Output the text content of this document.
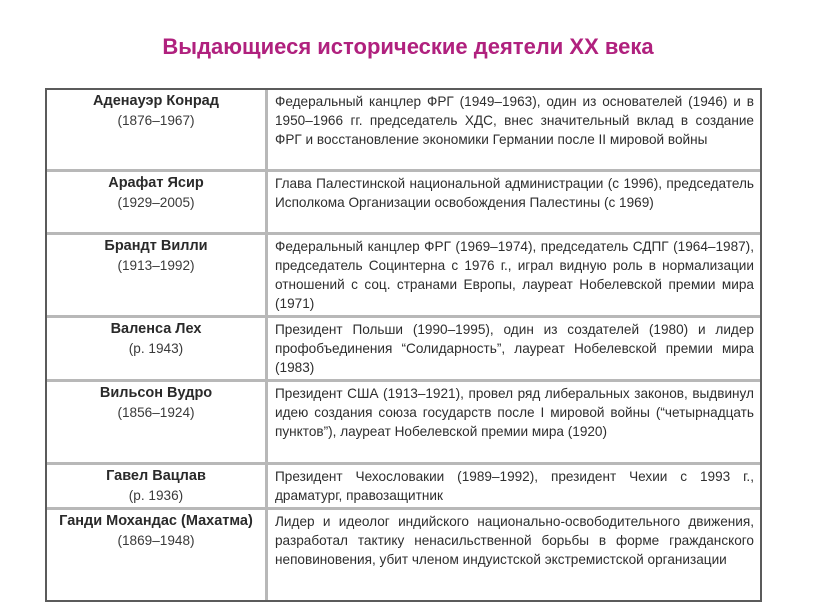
Выдающиеся исторические деятели XX века
Аденауэр Конрад
(1876–1967)	Федеральный канцлер ФРГ (1949–1963), один из основателей (1946) и в 1950–1966 гг. председатель ХДС, внес значительный вклад в создание ФРГ и восстановление экономики Германии после II мировой войны

Арафат Ясир
(1929–2005)	Глава Палестинской национальной администрации (с 1996), председатель Исполкома Организации освобождения Палестины (с 1969)

Брандт Вилли
(1913–1992)	Федеральный канцлер ФРГ (1969–1974), председатель СДПГ (1964–1987), председатель Социнтерна с 1976 г., играл видную роль в нормализации отношений с соц. странами Европы, лауреат Нобелевской премии мира (1971)

Валенса Лех
(р. 1943)	Президент Польши (1990–1995), один из создателей (1980) и лидер профобъединения “Солидарность”, лауреат Нобелевской премии мира (1983)

Вильсон Вудро
(1856–1924)	Президент США (1913–1921), провел ряд либеральных законов, выдвинул идею создания союза государств после I мировой войны (“четырнадцать пунктов”), лауреат Нобелевской премии мира (1920)

Гавел Вацлав
(р. 1936)	Президент Чехословакии (1989–1992), президент Чехии с 1993 г., драматург, правозащитник

Ганди Мохандас (Махатма)
(1869–1948)	Лидер и идеолог индийского национально-освободительного движения, разработал тактику ненасильственной борьбы в форме гражданского неповиновения, убит членом индуистской экстремистской организации
